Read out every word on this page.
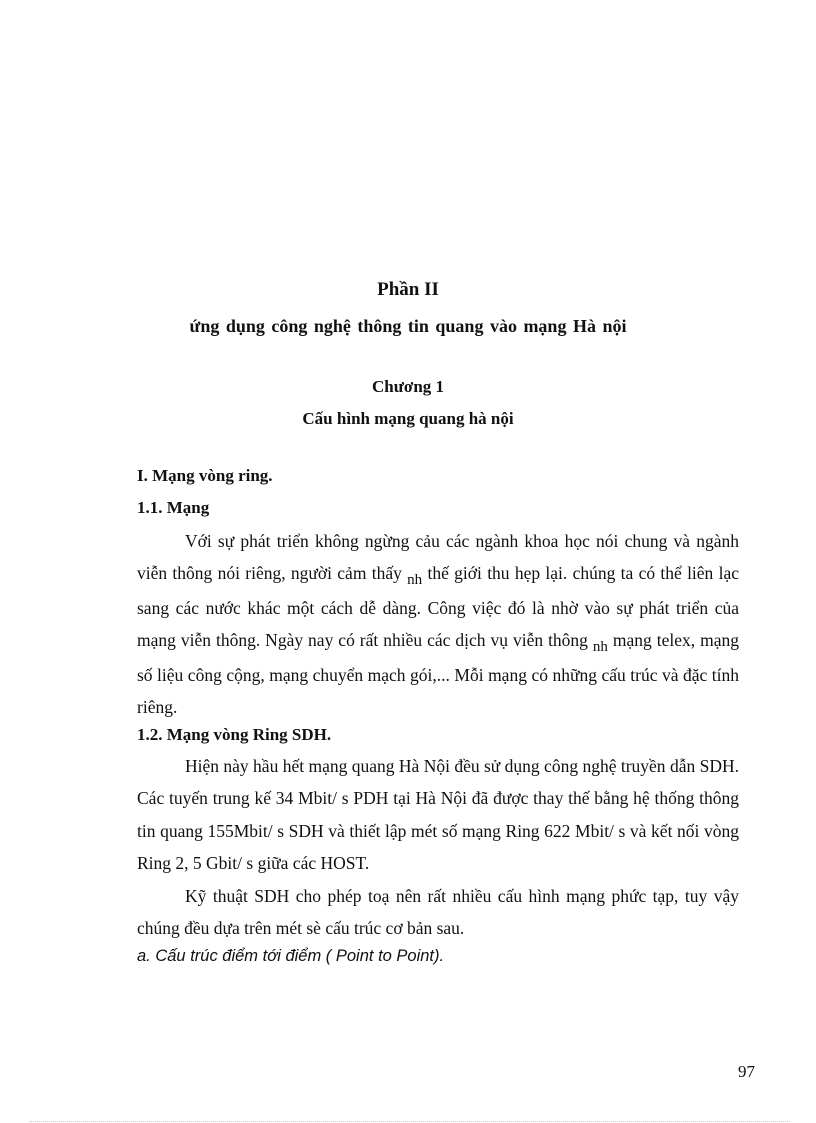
Phần II
ứng dụng công nghệ thông tin quang vào mạng Hà nội
Chương 1
Cấu hình mạng quang hà nội
I. Mạng vòng ring.
1.1. Mạng

Với sự phát triển không ngừng cảu các ngành khoa học nói chung và ngành viễn thông nói riêng, người cảm thấy nh thế giới thu hẹp lại. chúng ta có thể liên lạc sang các nước khác một cách dễ dàng. Công việc đó là nhờ vào sự phát triển của mạng viễn thông. Ngày nay có rất nhiều các dịch vụ viễn thông nh mạng telex, mạng số liệu công cộng, mạng chuyển mạch gói,... Mỗi mạng có những cấu trúc và đặc tính riêng.

1.2. Mạng vòng Ring SDH.

Hiện này hầu hết mạng quang Hà Nội đều sử dụng công nghệ truyền dẫn SDH. Các tuyến trung kế 34 Mbit/ s PDH tại Hà Nội đã được thay thế bằng hệ thống thông tin quang 155Mbit/ s SDH và thiết lập mét số mạng Ring 622 Mbit/ s và kết nối vòng Ring 2, 5 Gbit/ s giữa các HOST.

Kỹ thuật SDH cho phép toạ nên rất nhiều cấu hình mạng phức tạp, tuy vậy chúng đều dựa trên mét sè cấu trúc cơ bản sau.

a. Cấu trúc điểm tới điểm ( Point to Point).
97
